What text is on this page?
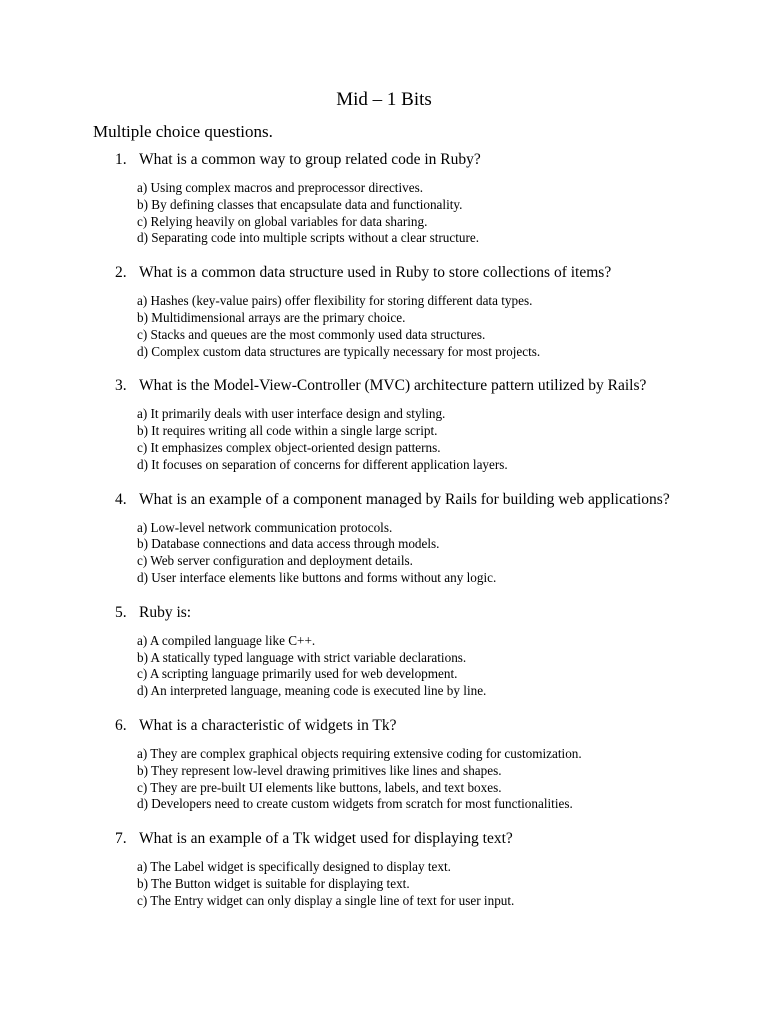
Mid – 1 Bits
Multiple choice questions.
1. What is a common way to group related code in Ruby?
a) Using complex macros and preprocessor directives.
b) By defining classes that encapsulate data and functionality.
c) Relying heavily on global variables for data sharing.
d) Separating code into multiple scripts without a clear structure.
2. What is a common data structure used in Ruby to store collections of items?
a) Hashes (key-value pairs) offer flexibility for storing different data types.
b) Multidimensional arrays are the primary choice.
c) Stacks and queues are the most commonly used data structures.
d) Complex custom data structures are typically necessary for most projects.
3. What is the Model-View-Controller (MVC) architecture pattern utilized by Rails?
a) It primarily deals with user interface design and styling.
b) It requires writing all code within a single large script.
c) It emphasizes complex object-oriented design patterns.
d) It focuses on separation of concerns for different application layers.
4. What is an example of a component managed by Rails for building web applications?
a) Low-level network communication protocols.
b) Database connections and data access through models.
c) Web server configuration and deployment details.
d) User interface elements like buttons and forms without any logic.
5. Ruby is:
a) A compiled language like C++.
b) A statically typed language with strict variable declarations.
c) A scripting language primarily used for web development.
d) An interpreted language, meaning code is executed line by line.
6. What is a characteristic of widgets in Tk?
a) They are complex graphical objects requiring extensive coding for customization.
b) They represent low-level drawing primitives like lines and shapes.
c) They are pre-built UI elements like buttons, labels, and text boxes.
d) Developers need to create custom widgets from scratch for most functionalities.
7. What is an example of a Tk widget used for displaying text?
a) The Label widget is specifically designed to display text.
b) The Button widget is suitable for displaying text.
c) The Entry widget can only display a single line of text for user input.
